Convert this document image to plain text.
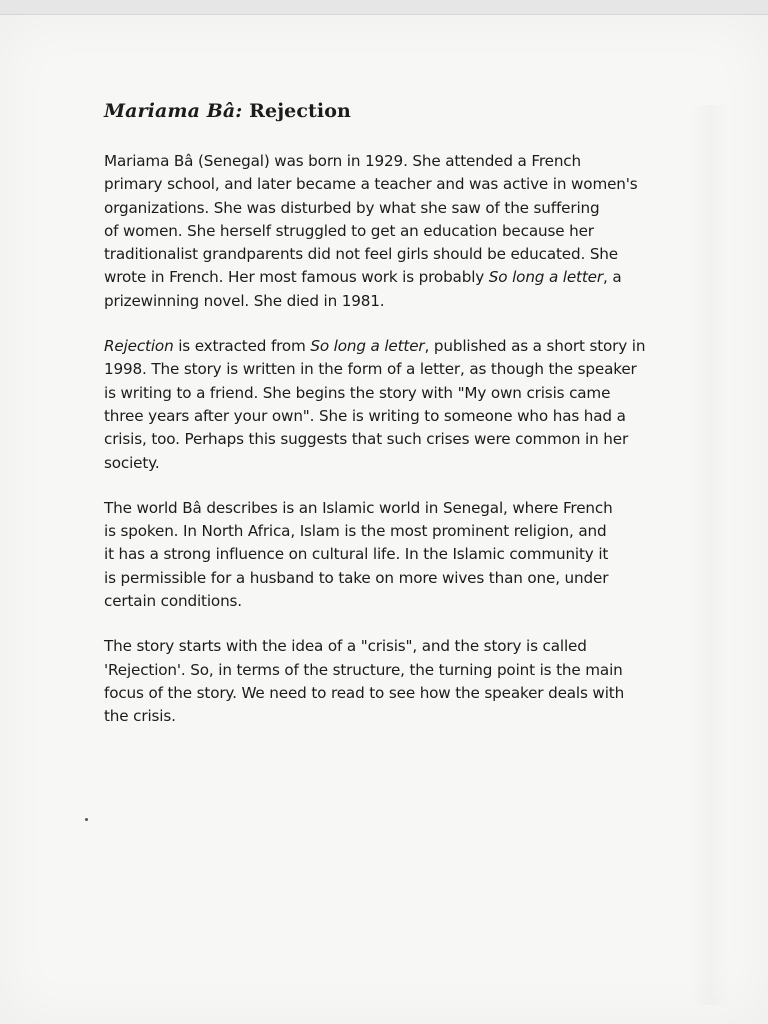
Mariama Bâ: Rejection

Mariama Bâ (Senegal) was born in 1929. She attended a French
primary school, and later became a teacher and was active in women's
organizations. She was disturbed by what she saw of the suffering
of women. She herself struggled to get an education because her
traditionalist grandparents did not feel girls should be educated. She
wrote in French. Her most famous work is probably So long a letter, a
prizewinning novel. She died in 1981.

Rejection is extracted from So long a letter, published as a short story in
1998. The story is written in the form of a letter, as though the speaker
is writing to a friend. She begins the story with "My own crisis came
three years after your own". She is writing to someone who has had a
crisis, too. Perhaps this suggests that such crises were common in her
society.

The world Bâ describes is an Islamic world in Senegal, where French
is spoken. In North Africa, Islam is the most prominent religion, and
it has a strong influence on cultural life. In the Islamic community it
is permissible for a husband to take on more wives than one, under
certain conditions.

The story starts with the idea of a "crisis", and the story is called
'Rejection'. So, in terms of the structure, the turning point is the main
focus of the story. We need to read to see how the speaker deals with
the crisis.
